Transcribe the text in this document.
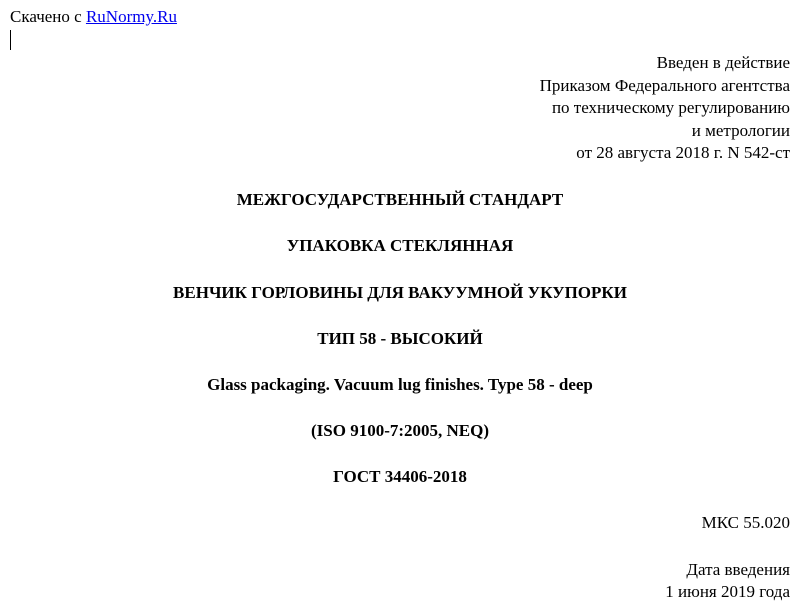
Скачено с RuNormy.Ru
Введен в действие
Приказом Федерального агентства
по техническому регулированию
и метрологии
от 28 августа 2018 г. N 542-ст
МЕЖГОСУДАРСТВЕННЫЙ СТАНДАРТ
УПАКОВКА СТЕКЛЯННАЯ
ВЕНЧИК ГОРЛОВИНЫ ДЛЯ ВАКУУМНОЙ УКУПОРКИ
ТИП 58 - ВЫСОКИЙ
Glass packaging. Vacuum lug finishes. Type 58 - deep
(ISO 9100-7:2005, NEQ)
ГОСТ 34406-2018
МКС 55.020
Дата введения
1 июня 2019 года
